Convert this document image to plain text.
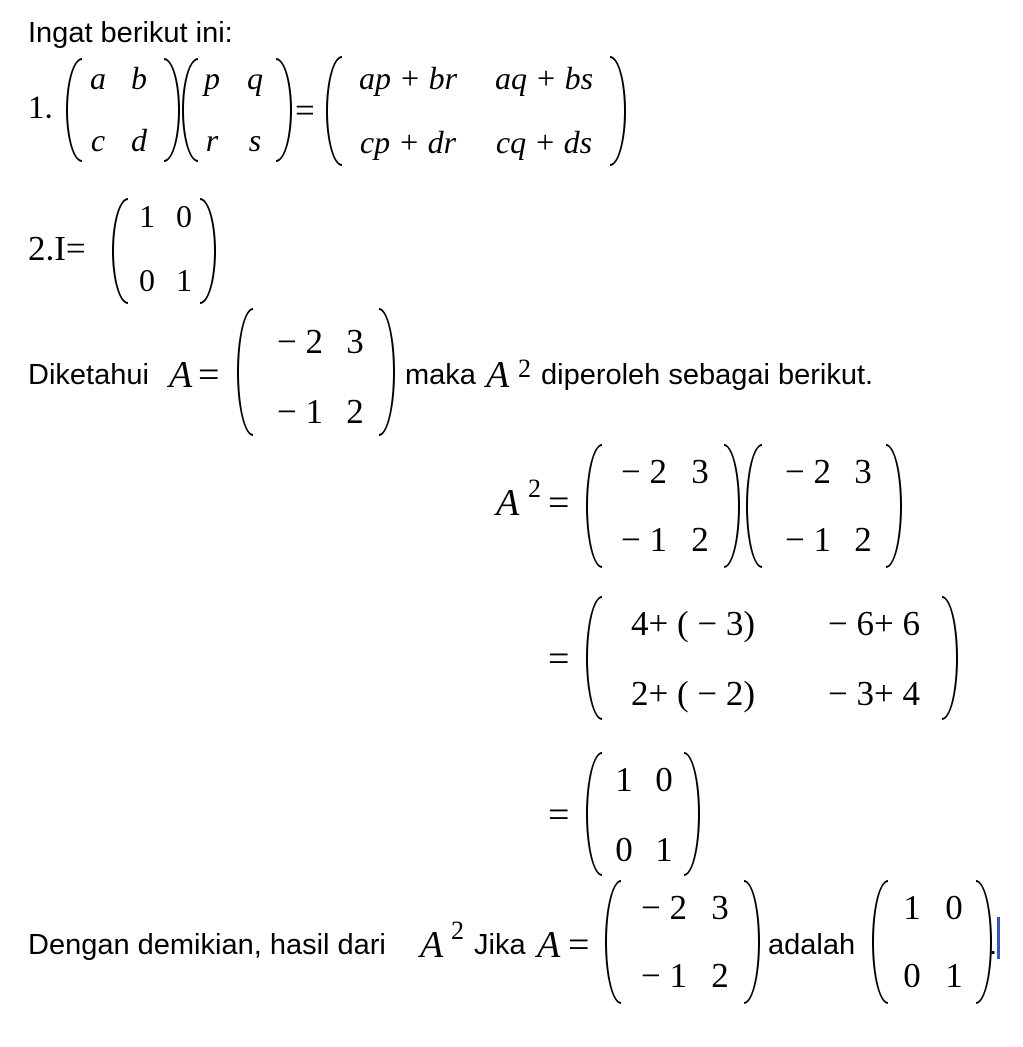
Ingat berikut ini:
1.
a b
c d
p q
r s
=
ap + br aq + bs
cp + dr cq + ds
2.I=
1 0
0 1
Diketahui A =
− 2 3
− 1 2
maka A 2 diperoleh sebagai berikut.
A 2 =
− 2 3
− 1 2
− 2 3
− 1 2
=
4+ ( − 3) − 6+ 6
2+ ( − 2) − 3+ 4
=
1 0
0 1
Dengan demikian, hasil dari A 2 Jika A =
− 2 3
− 1 2
adalah
1 0
0 1
.
